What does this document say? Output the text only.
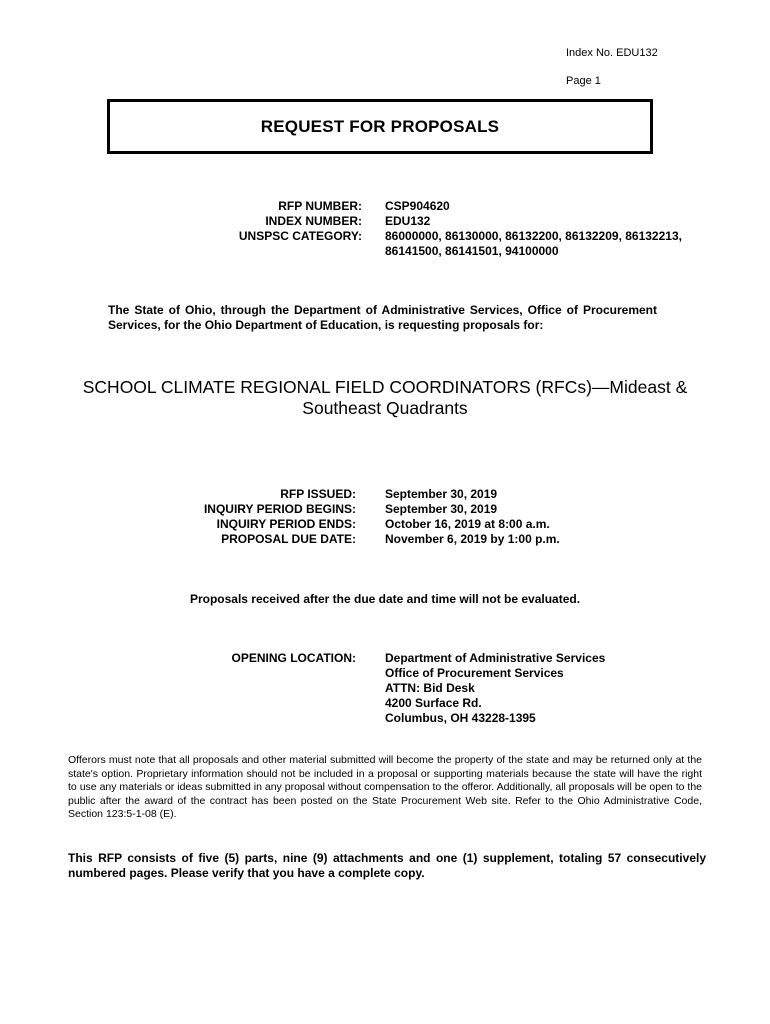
Index No. EDU132
Page 1
REQUEST FOR PROPOSALS
RFP NUMBER: CSP904620
INDEX NUMBER: EDU132
UNSPSC CATEGORY: 86000000, 86130000, 86132200, 86132209, 86132213,
86141500, 86141501, 94100000
The State of Ohio, through the Department of Administrative Services, Office of Procurement Services, for the Ohio Department of Education, is requesting proposals for:
SCHOOL CLIMATE REGIONAL FIELD COORDINATORS (RFCs)—Mideast &
Southeast Quadrants
RFP ISSUED: September 30, 2019
INQUIRY PERIOD BEGINS: September 30, 2019
INQUIRY PERIOD ENDS: October 16, 2019 at 8:00 a.m.
PROPOSAL DUE DATE: November 6, 2019 by 1:00 p.m.
Proposals received after the due date and time will not be evaluated.
OPENING LOCATION: Department of Administrative Services
Office of Procurement Services
ATTN: Bid Desk
4200 Surface Rd.
Columbus, OH 43228-1395
Offerors must note that all proposals and other material submitted will become the property of the state and may be returned only at the state's option. Proprietary information should not be included in a proposal or supporting materials because the state will have the right to use any materials or ideas submitted in any proposal without compensation to the offeror. Additionally, all proposals will be open to the public after the award of the contract has been posted on the State Procurement Web site. Refer to the Ohio Administrative Code, Section 123:5-1-08 (E).
This RFP consists of five (5) parts, nine (9) attachments and one (1) supplement, totaling 57 consecutively numbered pages. Please verify that you have a complete copy.
